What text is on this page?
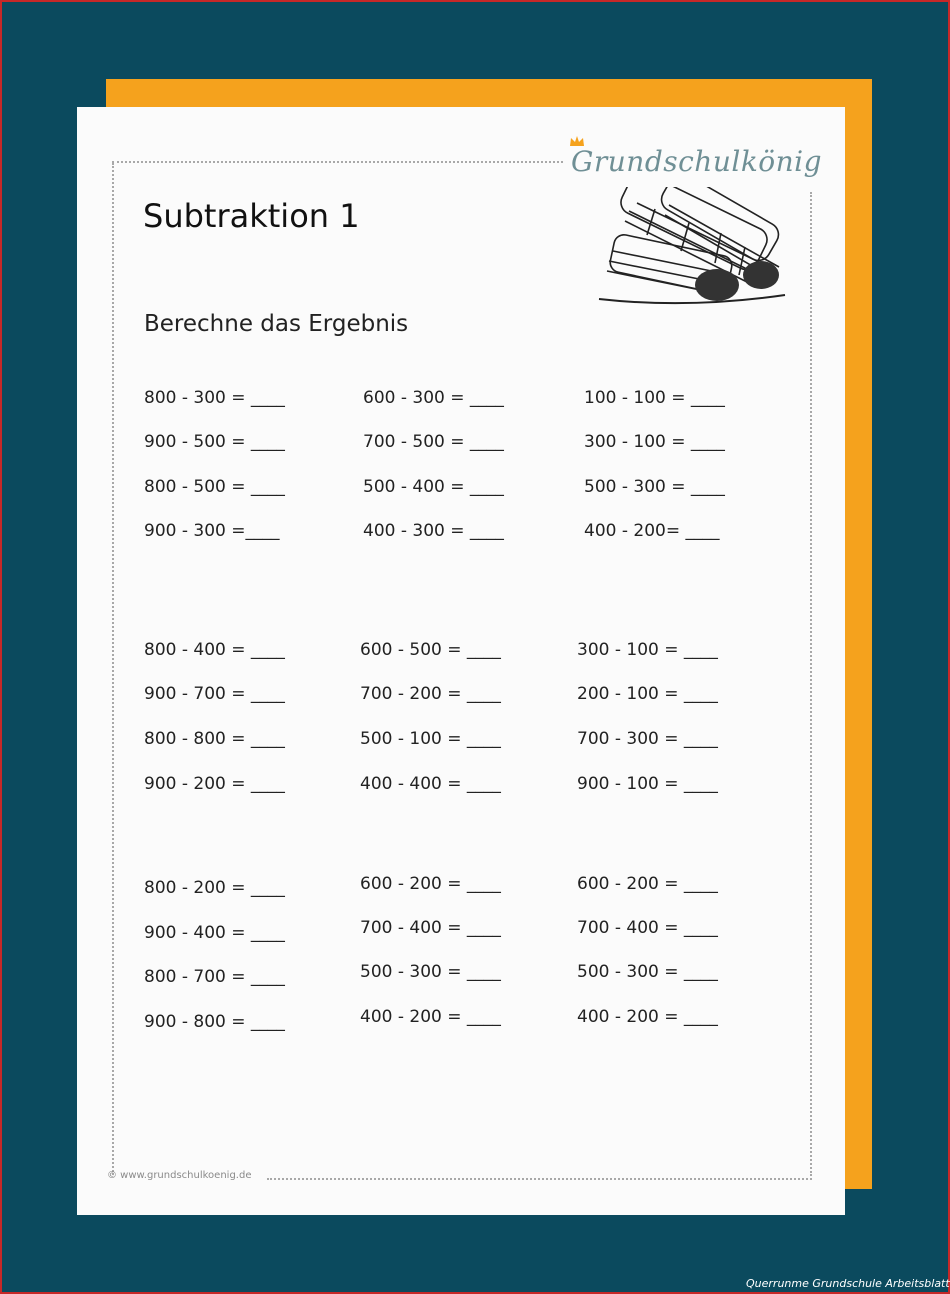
Grundschulkönig
Subtraktion 1
Berechne das Ergebnis
800 - 300 = ____	600 - 300 = ____	100 - 100 = ____
900 - 500 = ____	700 - 500 = ____	300 - 100 = ____
800 - 500 = ____	500 - 400 = ____	500 - 300 = ____
900 - 300 =____	400 - 300 = ____	400 - 200= ____
800 - 400 = ____	600 - 500 = ____	300 - 100 = ____
900 - 700 = ____	700 - 200 = ____	200 - 100 = ____
800 - 800 = ____	500 - 100 = ____	700 - 300 = ____
900 - 200 = ____	400 - 400 = ____	900 - 100 = ____
800 - 200 = ____	600 - 200 = ____	600 - 200 = ____
900 - 400 = ____	700 - 400 = ____	700 - 400 = ____
800 - 700 = ____	500 - 300 = ____	500 - 300 = ____
900 - 800 = ____	400 - 200 = ____	400 - 200 = ____
© www.grundschulkoenig.de
Querrunme Grundschule Arbeitsblatt
